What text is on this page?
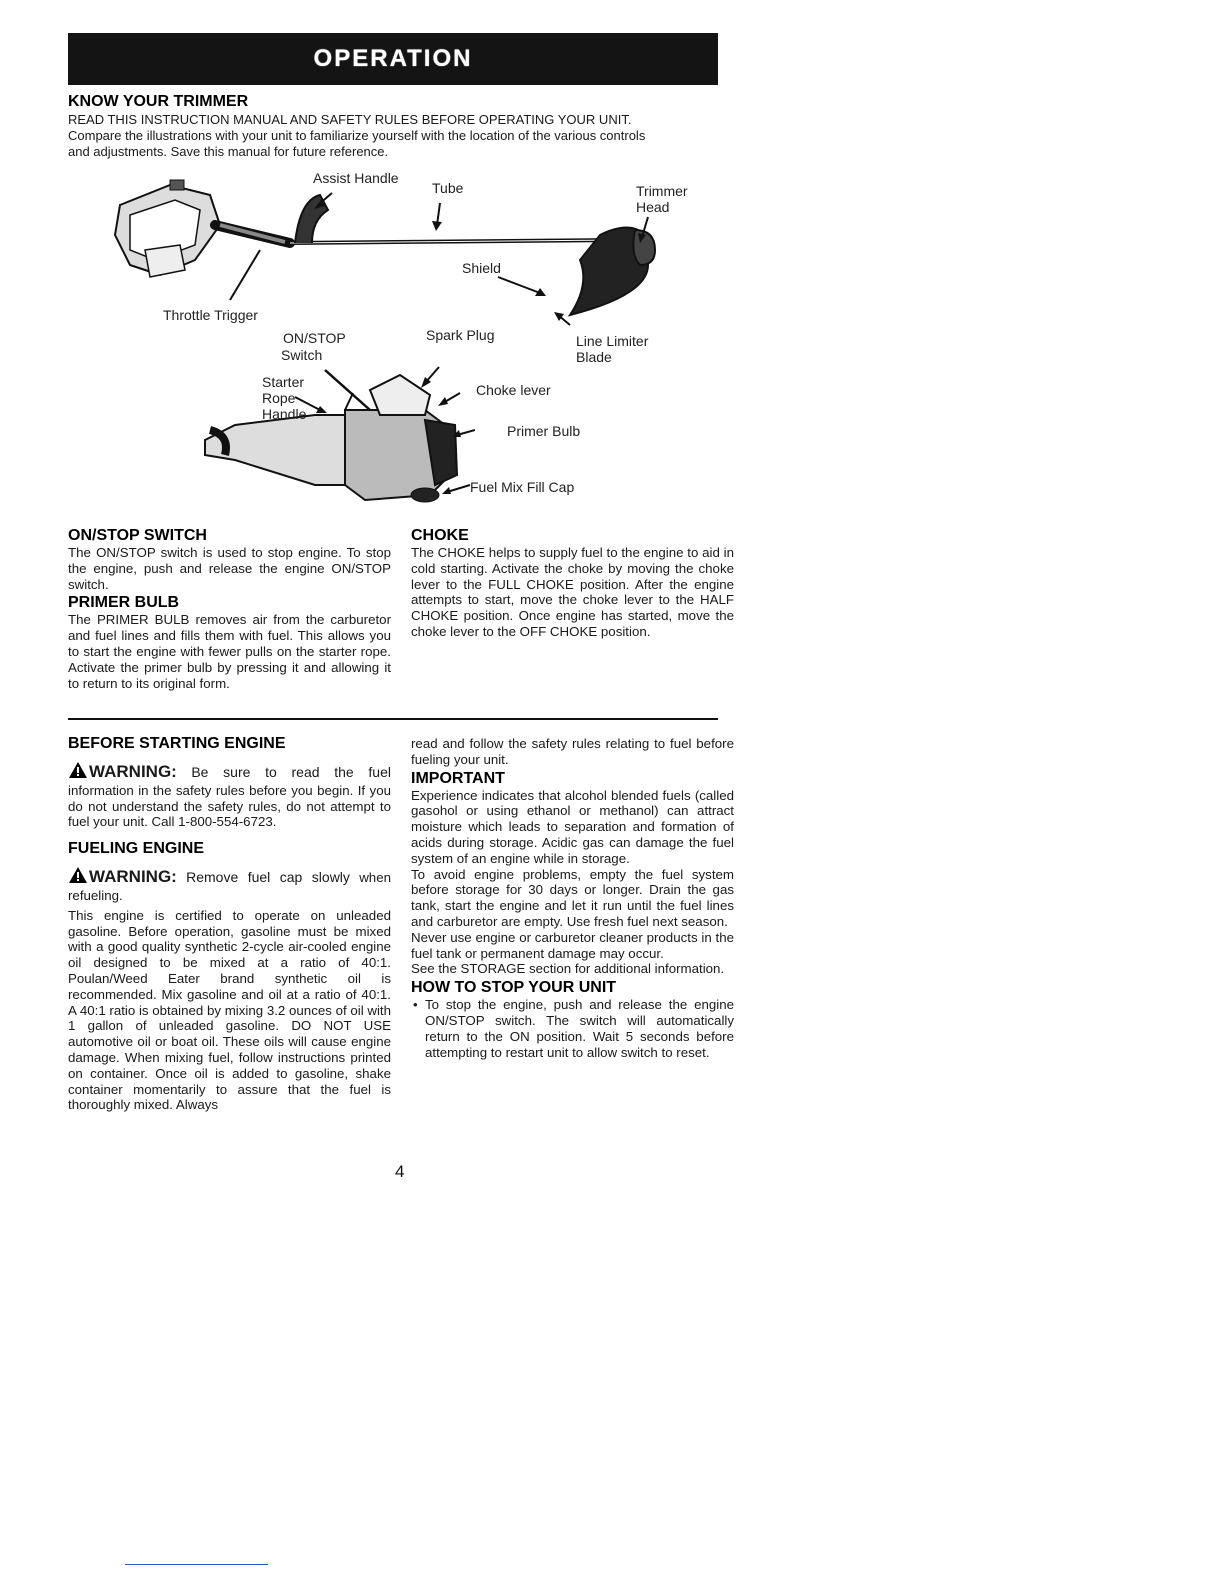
OPERATION
KNOW YOUR TRIMMER
READ THIS INSTRUCTION MANUAL AND SAFETY RULES BEFORE OPERATING YOUR UNIT.
Compare the illustrations with your unit to familiarize yourself with the location of the various controls
and adjustments. Save this manual for future reference.
Assist Handle
Tube	Trimmer
Head
Shield
Throttle Trigger
Line Limiter
Blade
ON/STOP
Switch
Spark Plug
Starter
Rope
Handle
Choke lever
Primer Bulb
Fuel Mix Fill Cap
ON/STOP SWITCH
The ON/STOP switch is used to stop engine. To stop the engine, push and release the engine ON/STOP switch.
PRIMER BULB
The PRIMER BULB removes air from the carburetor and fuel lines and fills them with fuel. This allows you to start the engine with fewer pulls on the starter rope. Activate the primer bulb by pressing it and allowing it to return to its original form.
CHOKE
The CHOKE helps to supply fuel to the engine to aid in cold starting. Activate the choke by moving the choke lever to the FULL CHOKE position. After the engine attempts to start, move the choke lever to the HALF CHOKE position. Once engine has started, move the choke lever to the OFF CHOKE position.
BEFORE STARTING ENGINE
WARNING: Be sure to read the fuel information in the safety rules before you begin. If you do not understand the safety rules, do not attempt to fuel your unit. Call 1-800-554-6723.
FUELING ENGINE
WARNING: Remove fuel cap slowly when refueling.
This engine is certified to operate on unleaded gasoline. Before operation, gasoline must be mixed with a good quality synthetic 2-cycle air-cooled engine oil designed to be mixed at a ratio of 40:1. Poulan/Weed Eater brand synthetic oil is recommended. Mix gasoline and oil at a ratio of 40:1. A 40:1 ratio is obtained by mixing 3.2 ounces of oil with 1 gallon of unleaded gasoline. DO NOT USE automotive oil or boat oil. These oils will cause engine damage. When mixing fuel, follow instructions printed on container. Once oil is added to gasoline, shake container momentarily to assure that the fuel is thoroughly mixed. Always
read and follow the safety rules relating to fuel before fueling your unit.
IMPORTANT
Experience indicates that alcohol blended fuels (called gasohol or using ethanol or methanol) can attract moisture which leads to separation and formation of acids during storage. Acidic gas can damage the fuel system of an engine while in storage.
To avoid engine problems, empty the fuel system before storage for 30 days or longer. Drain the gas tank, start the engine and let it run until the fuel lines and carburetor are empty. Use fresh fuel next season.
Never use engine or carburetor cleaner products in the fuel tank or permanent damage may occur.
See the STORAGE section for additional information.
HOW TO STOP YOUR UNIT
• To stop the engine, push and release the engine ON/STOP switch. The switch will automatically return to the ON position. Wait 5 seconds before attempting to restart unit to allow switch to reset.
4
